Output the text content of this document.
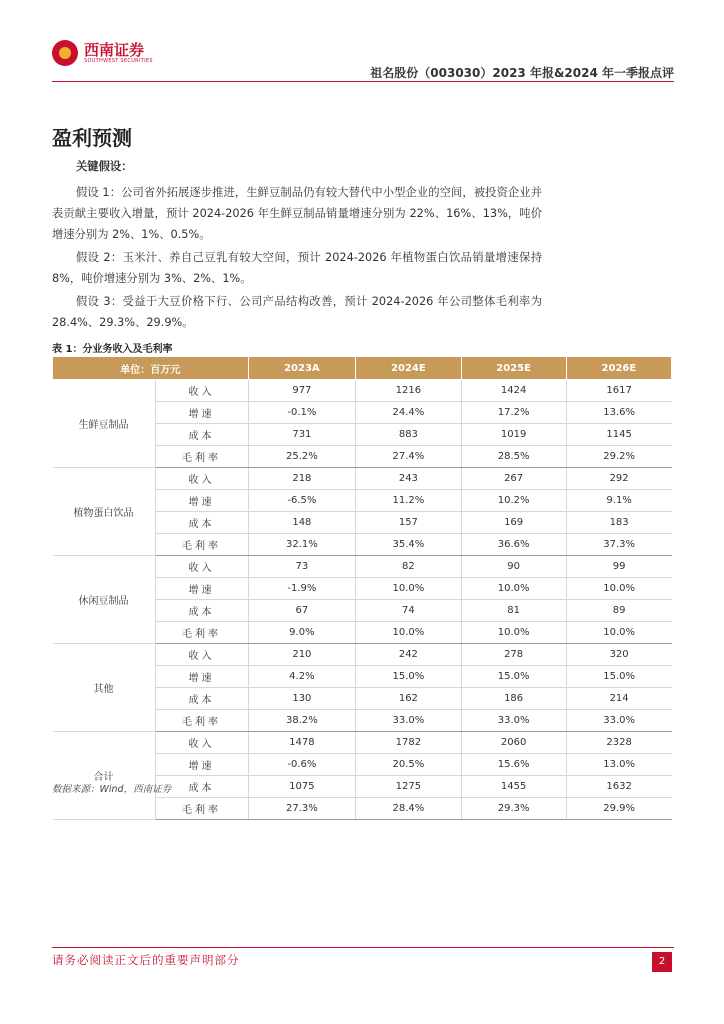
西南证券
SOUTHWEST SECURITIES
祖名股份（003030）2023 年报&2024 年一季报点评
盈利预测
关键假设：
假设 1：公司省外拓展逐步推进，生鲜豆制品仍有较大替代中小型企业的空间，被投资企业并表贡献主要收入增量，预计 2024-2026 年生鲜豆制品销量增速分别为 22%、16%、13%，吨价增速分别为 2%、1%、0.5%。
假设 2：玉米汁、养自己豆乳有较大空间，预计 2024-2026 年植物蛋白饮品销量增速保持 8%，吨价增速分别为 3%、2%、1%。
假设 3：受益于大豆价格下行、公司产品结构改善，预计 2024-2026 年公司整体毛利率为 28.4%、29.3%、29.9%。
表 1：分业务收入及毛利率
单位：百万元		2023A	2024E	2025E	2026E
生鲜豆制品	收入	977	1216	1424	1617
	增速	-0.1%	24.4%	17.2%	13.6%
	成本	731	883	1019	1145
	毛利率	25.2%	27.4%	28.5%	29.2%
植物蛋白饮品	收入	218	243	267	292
	增速	-6.5%	11.2%	10.2%	9.1%
	成本	148	157	169	183
	毛利率	32.1%	35.4%	36.6%	37.3%
休闲豆制品	收入	73	82	90	99
	增速	-1.9%	10.0%	10.0%	10.0%
	成本	67	74	81	89
	毛利率	9.0%	10.0%	10.0%	10.0%
其他	收入	210	242	278	320
	增速	4.2%	15.0%	15.0%	15.0%
	成本	130	162	186	214
	毛利率	38.2%	33.0%	33.0%	33.0%
合计	收入	1478	1782	2060	2328
	增速	-0.6%	20.5%	15.6%	13.0%
	成本	1075	1275	1455	1632
	毛利率	27.3%	28.4%	29.3%	29.9%
数据来源：Wind，西南证券
请务必阅读正文后的重要声明部分	2
